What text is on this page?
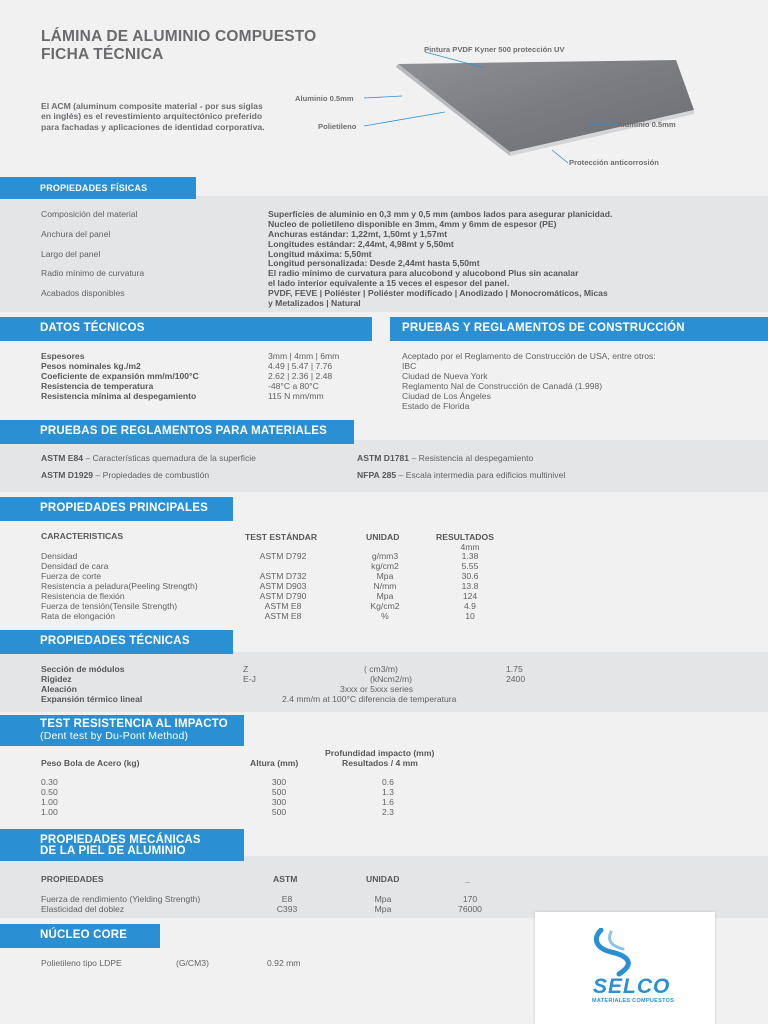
LÁMINA DE ALUMINIO COMPUESTO
FICHA TÉCNICA
El ACM (aluminum composite material - por sus siglas en inglés) es el revestimiento arquitectónico preferido para fachadas y aplicaciones de identidad corporativa.
Pintura PVDF Kyner 500 protección UV
Aluminio 0.5mm
Polietileno	Aluminio 0.5mm
Protección anticorrosión
PROPIEDADES FÍSICAS
Composición del material	Superficies de aluminio en 0,3 mm y 0,5 mm (ambos lados para asegurar planicidad.
Nucleo de polietileno disponible en 3mm, 4mm y 6mm de espesor (PE)
Anchura del panel	Anchuras estándar: 1,22mt, 1,50mt y 1,57mt
Longitudes estándar: 2,44mt, 4,98mt y 5,50mt
Largo del panel	Longitud máxima: 5,50mt
Longitud personalizada: Desde 2,44mt hasta 5,50mt
Radio mínimo de curvatura	El radio mínimo de curvatura para alucobond y alucobond Plus sin acanalar
el lado interior equivalente a 15 veces el espesor del panel.
Acabados disponibles	PVDF, FEVE | Poliéster | Poliéster modificado | Anodizado | Monocromáticos, Micas
y Metalizados | Natural
DATOS TÉCNICOS	PRUEBAS Y REGLAMENTOS DE CONSTRUCCIÓN
Espesores	3mm | 4mm | 6mm
Pesos nominales kg./m2	4.49 | 5.47 | 7.76
Coeficiente de expansión mm/m/100°C	2.62 | 2.36 | 2.48
Resistencia de temperatura	-48°C a 80°C
Resistencia mínima al despegamiento	115 N mm/mm
Aceptado por el Reglamento de Construcción de USA, entre otros:
IBC
Ciudad de Nueva York
Reglamento Nal de Construcción de Canadá (1.998)
Ciudad de Los Ángeles
Estado de Florida
PRUEBAS DE REGLAMENTOS PARA MATERIALES
ASTM E84 – Características quemadura de la superficie	ASTM D1781 – Resistencia al despegamiento
ASTM D1929 – Propiedades de combustión	NFPA 285 – Escala intermedia para edificios multinivel
PROPIEDADES PRINCIPALES
CARACTERISTICAS	TEST ESTÁNDAR	UNIDAD	RESULTADOS
4mm
Densidad	ASTM D792	g/mm3	1.38
Densidad de cara	kg/cm2	5.55
Fuerza de corte	ASTM D732	Mpa	30.6
Resistencia a peladura(Peeling Strength)	ASTM D903	N/mm	13.8
Resistencia de flexión	ASTM D790	Mpa	124
Fuerza de tensión(Tensile Strength)	ASTM E8	Kg/cm2	4.9
Rata de elongación	ASTM E8	%	10
PROPIEDADES TÉCNICAS
Sección de módulos	Z	( cm3/m)	1.75
Rigidez	E-J	(kNcm2/m)	2400
Aleación	3xxx or 5xxx series
Expansión térmico lineal	2.4 mm/m at 100°C diferencia de temperatura
TEST RESISTENCIA AL IMPACTO
(Dent test by Du-Pont Method)
Profundidad impacto (mm)
Peso Bola de Acero (kg)	Altura (mm)	Resultados / 4 mm
0.30	300	0.6
0.50	500	1.3
1.00	300	1.6
1.00	500	2.3
PROPIEDADES MECÁNICAS
DE LA PIEL DE ALUMINIO
PROPIEDADES	ASTM	UNIDAD	_
Fuerza de rendimiento (Yielding Strength)	E8	Mpa	170
Elasticidad del doblez	C393	Mpa	76000
NÚCLEO CORE
Polietileno tipo LDPE	(G/CM3)	0.92 mm
SELCO
MATERIALES COMPUESTOS
